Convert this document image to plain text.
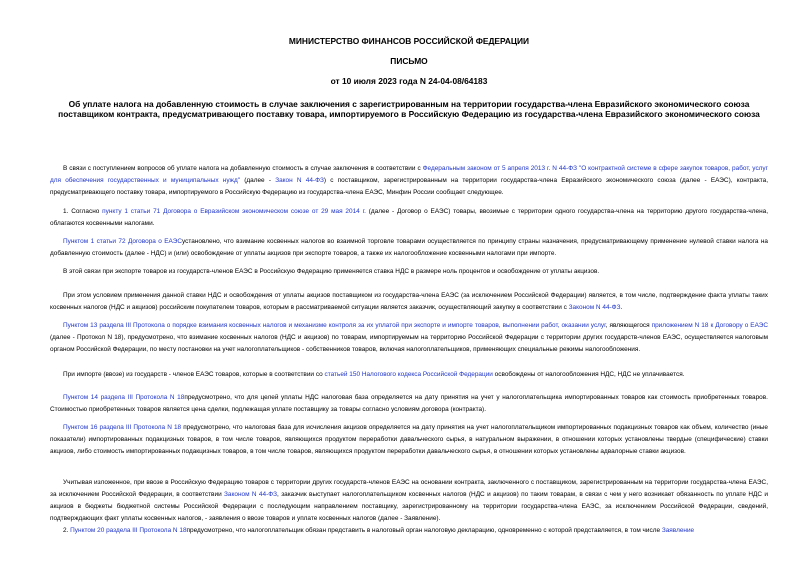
МИНИСТЕРСТВО ФИНАНСОВ РОССИЙСКОЙ ФЕДЕРАЦИИ
ПИСЬМО
от 10 июля 2023 года N 24-04-08/64183
Об уплате налога на добавленную стоимость в случае заключения с зарегистрированным на территории государства-члена Евразийского экономического союза поставщиком контракта, предусматривающего поставку товара, импортируемого в Российскую Федерацию из государства-члена Евразийского экономического союза
В связи с поступлением вопросов об уплате налога на добавленную стоимость в случае заключения в соответствии с Федеральным законом от 5 апреля 2013 г. N 44-ФЗ "О контрактной системе в сфере закупок товаров, работ, услуг для обеспечения государственных и муниципальных нужд" (далее - Закон N 44-ФЗ) с поставщиком, зарегистрированным на территории государства-члена Евразийского экономического союза (далее - ЕАЭС), контракта, предусматривающего поставку товара, импортируемого в Российскую Федерацию из государства-члена ЕАЭС, Минфин России сообщает следующее.
1. Согласно пункту 1 статьи 71 Договора о Евразийском экономическом союзе от 29 мая 2014 г. (далее - Договор о ЕАЭС) товары, ввозимые с территории одного государства-члена на территорию другого государства-члена, облагаются косвенными налогами.
Пунктом 1 статьи 72 Договора о ЕАЭСустановлено, что взимание косвенных налогов во взаимной торговле товарами осуществляется по принципу страны назначения, предусматривающему применение нулевой ставки налога на добавленную стоимость (далее - НДС) и (или) освобождение от уплаты акцизов при экспорте товаров, а также их налогообложение косвенными налогами при импорте.
В этой связи при экспорте товаров из государств-членов ЕАЭС в Российскую Федерацию применяется ставка НДС в размере ноль процентов и освобождение от уплаты акцизов.
При этом условием применения данной ставки НДС и освобождения от уплаты акцизов поставщиком из государства-члена ЕАЭС (за исключением Российской Федерации) является, в том числе, подтверждение факта уплаты таких косвенных налогов (НДС и акцизов) российским покупателем товаров, которым в рассматриваемой ситуации является заказчик, осуществляющий закупку в соответствии с Законом N 44-ФЗ.
Пунктом 13 раздела III Протокола о порядке взимания косвенных налогов и механизме контроля за их уплатой при экспорте и импорте товаров, выполнении работ, оказании услуг, являющегося приложением N 18 к Договору о ЕАЭС (далее - Протокол N 18), предусмотрено, что взимание косвенных налогов (НДС и акцизов) по товарам, импортируемым на территорию Российской Федерации с территории других государств-членов ЕАЭС, осуществляется налоговым органом Российской Федерации, по месту постановки на учет налогоплательщиков - собственников товаров, включая налогоплательщиков, применяющих специальные режимы налогообложения.
При импорте (ввозе) из государств - членов ЕАЭС товаров, которые в соответствии со статьей 150 Налогового кодекса Российской Федерации освобождены от налогообложения НДС, НДС не уплачивается.
Пунктом 14 раздела III Протокола N 18предусмотрено, что для целей уплаты НДС налоговая база определяется на дату принятия на учет у налогоплательщика импортированных товаров как стоимость приобретенных товаров. Стоимостью приобретенных товаров является цена сделки, подлежащая уплате поставщику за товары согласно условиям договора (контракта).
Пунктом 16 раздела III Протокола N 18 предусмотрено, что налоговая база для исчисления акцизов определяется на дату принятия на учет налогоплательщиком импортированных подакцизных товаров как объем, количество (иные показатели) импортированных подакцизных товаров, в том числе товаров, являющихся продуктом переработки давальческого сырья, в натуральном выражении, в отношении которых установлены твердые (специфические) ставки акцизов, либо стоимость импортированных подакцизных товаров, в том числе товаров, являющихся продуктом переработки давальческого сырья, в отношении которых установлены адвалорные ставки акцизов.
Учитывая изложенное, при ввозе в Российскую Федерацию товаров с территории других государств-членов ЕАЭС на основании контракта, заключенного с поставщиком, зарегистрированным на территории государства-члена ЕАЭС, за исключением Российской Федерации, в соответствии Законом N 44-ФЗ, заказчик выступает налогоплательщиком косвенных налогов (НДС и акцизов) по таким товарам, в связи с чем у него возникает обязанность по уплате НДС и акцизов в бюджеты бюджетной системы Российской Федерации с последующим направлением поставщику, зарегистрированному на территории государства-члена ЕАЭС, за исключением Российской Федерации, сведений, подтверждающих факт уплаты косвенных налогов, - заявления о ввозе товаров и уплате косвенных налогов (далее - Заявление).
2. Пунктом 20 раздела III Протокола N 18предусмотрено, что налогоплательщик обязан представить в налоговый орган налоговую декларацию, одновременно с которой представляется, в том числе Заявление
